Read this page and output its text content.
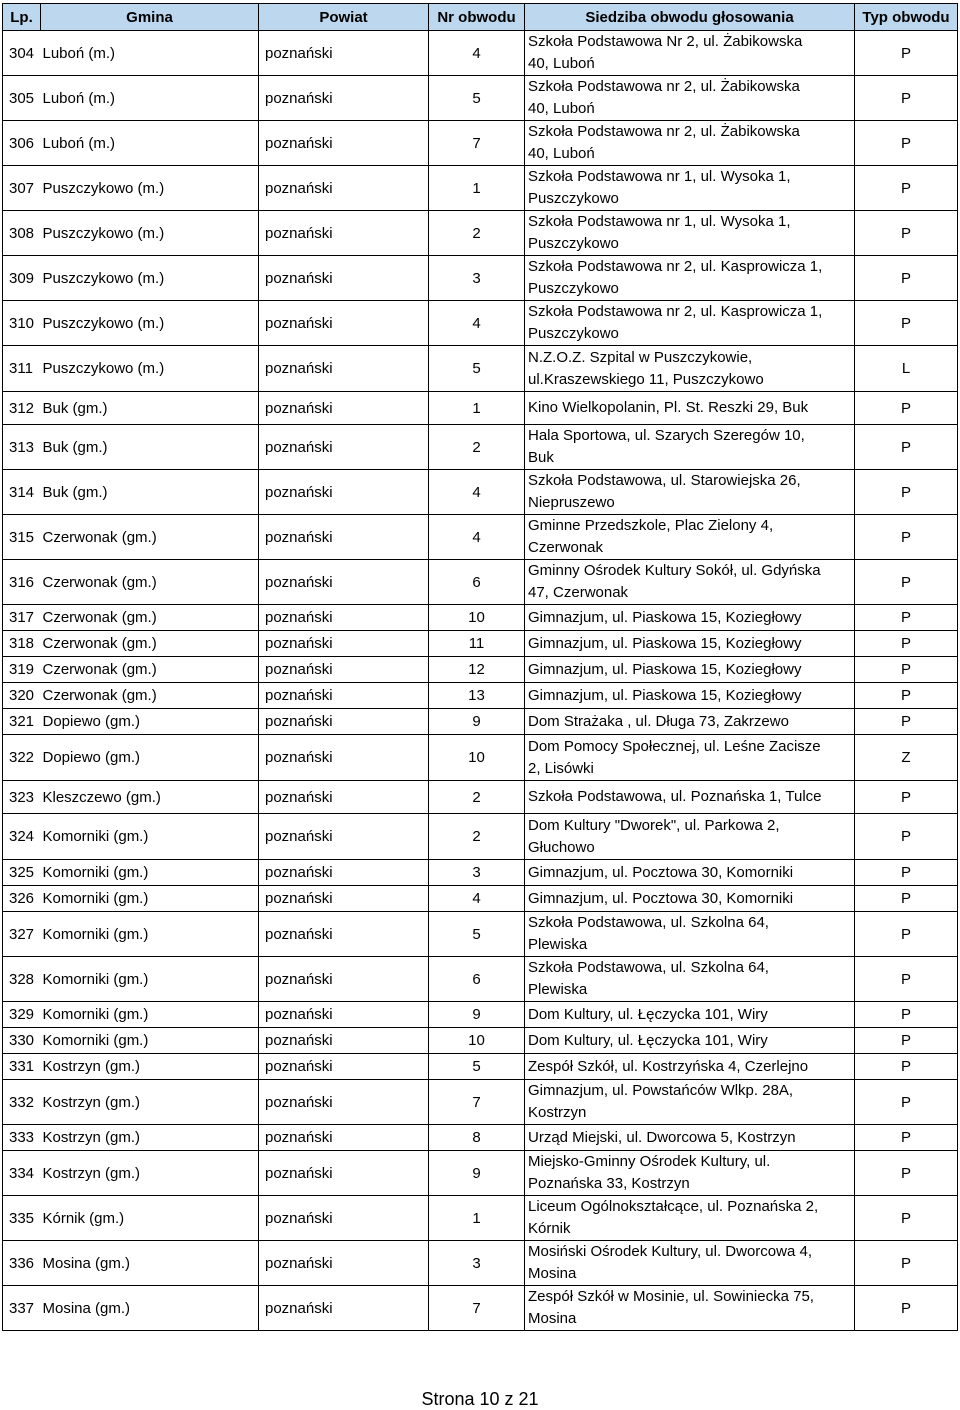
Lp.	Gmina	Powiat	Nr obwodu	Siedziba obwodu głosowania	Typ obwodu
304	Luboń (m.)	poznański	4	Szkoła Podstawowa Nr 2, ul. Żabikowska
40, Luboń	P
305	Luboń (m.)	poznański	5	Szkoła Podstawowa nr 2, ul. Żabikowska
40, Luboń	P
306	Luboń (m.)	poznański	7	Szkoła Podstawowa nr 2, ul. Żabikowska
40, Luboń	P
307	Puszczykowo (m.)	poznański	1	Szkoła Podstawowa nr 1, ul. Wysoka 1,
Puszczykowo	P
308	Puszczykowo (m.)	poznański	2	Szkoła Podstawowa nr 1, ul. Wysoka 1,
Puszczykowo	P
309	Puszczykowo (m.)	poznański	3	Szkoła Podstawowa nr 2, ul. Kasprowicza 1,
Puszczykowo	P
310	Puszczykowo (m.)	poznański	4	Szkoła Podstawowa nr 2, ul. Kasprowicza 1,
Puszczykowo	P
311	Puszczykowo (m.)	poznański	5	N.Z.O.Z. Szpital w Puszczykowie,
ul.Kraszewskiego 11, Puszczykowo	L
312	Buk (gm.)	poznański	1	Kino Wielkopolanin, Pl. St. Reszki 29, Buk	P
313	Buk (gm.)	poznański	2	Hala Sportowa, ul. Szarych Szeregów 10,
Buk	P
314	Buk (gm.)	poznański	4	Szkoła Podstawowa, ul. Starowiejska 26,
Niepruszewo	P
315	Czerwonak (gm.)	poznański	4	Gminne Przedszkole, Plac Zielony 4,
Czerwonak	P
316	Czerwonak (gm.)	poznański	6	Gminny Ośrodek Kultury Sokół, ul. Gdyńska
47, Czerwonak	P
317	Czerwonak (gm.)	poznański	10	Gimnazjum, ul. Piaskowa 15, Koziegłowy	P
318	Czerwonak (gm.)	poznański	11	Gimnazjum, ul. Piaskowa 15, Koziegłowy	P
319	Czerwonak (gm.)	poznański	12	Gimnazjum, ul. Piaskowa 15, Koziegłowy	P
320	Czerwonak (gm.)	poznański	13	Gimnazjum, ul. Piaskowa 15, Koziegłowy	P
321	Dopiewo (gm.)	poznański	9	Dom Strażaka , ul. Długa 73, Zakrzewo	P
322	Dopiewo (gm.)	poznański	10	Dom Pomocy Społecznej, ul. Leśne Zacisze
2, Lisówki	Z
323	Kleszczewo (gm.)	poznański	2	Szkoła Podstawowa, ul. Poznańska 1, Tulce	P
324	Komorniki (gm.)	poznański	2	Dom Kultury "Dworek", ul. Parkowa 2,
Głuchowo	P
325	Komorniki (gm.)	poznański	3	Gimnazjum, ul. Pocztowa 30, Komorniki	P
326	Komorniki (gm.)	poznański	4	Gimnazjum, ul. Pocztowa 30, Komorniki	P
327	Komorniki (gm.)	poznański	5	Szkoła Podstawowa, ul. Szkolna 64,
Plewiska	P
328	Komorniki (gm.)	poznański	6	Szkoła Podstawowa, ul. Szkolna 64,
Plewiska	P
329	Komorniki (gm.)	poznański	9	Dom Kultury, ul. Łęczycka 101, Wiry	P
330	Komorniki (gm.)	poznański	10	Dom Kultury, ul. Łęczycka 101, Wiry	P
331	Kostrzyn (gm.)	poznański	5	Zespół Szkół, ul. Kostrzyńska 4, Czerlejno	P
332	Kostrzyn (gm.)	poznański	7	Gimnazjum, ul. Powstańców Wlkp. 28A,
Kostrzyn	P
333	Kostrzyn (gm.)	poznański	8	Urząd Miejski, ul. Dworcowa 5, Kostrzyn	P
334	Kostrzyn (gm.)	poznański	9	Miejsko-Gminny Ośrodek Kultury, ul.
Poznańska 33, Kostrzyn	P
335	Kórnik (gm.)	poznański	1	Liceum Ogólnokształcące, ul. Poznańska 2,
Kórnik	P
336	Mosina (gm.)	poznański	3	Mosiński Ośrodek Kultury, ul. Dworcowa 4,
Mosina	P
337	Mosina (gm.)	poznański	7	Zespół Szkół w Mosinie, ul. Sowiniecka 75,
Mosina	P
Strona 10 z 21
